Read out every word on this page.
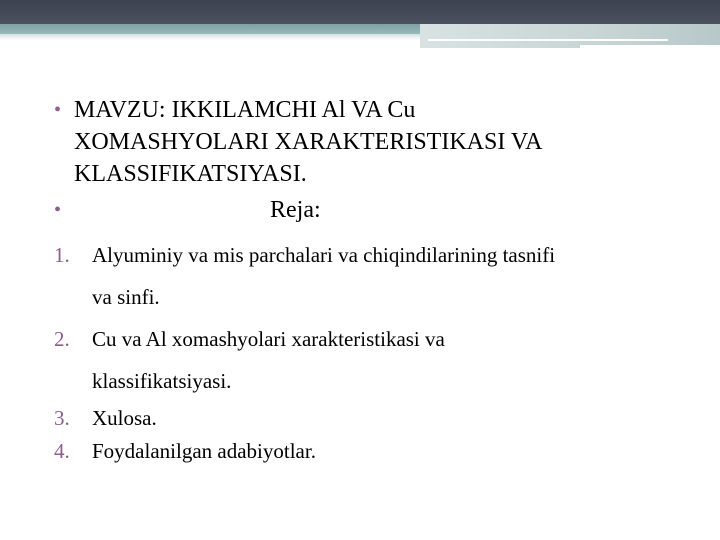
• MAVZU: IKKILAMCHI Al VA Cu
XOMASHYOLARI XARAKTERISTIKASI VA
KLASSIFIKATSIYASI.
•	Reja:
1. Alyuminiy va mis parchalari va chiqindilarining tasnifi
va sinfi.
2. Cu va Al xomashyolari xarakteristikasi va
klassifikatsiyasi.
3. Xulosa.
4. Foydalanilgan adabiyotlar.
